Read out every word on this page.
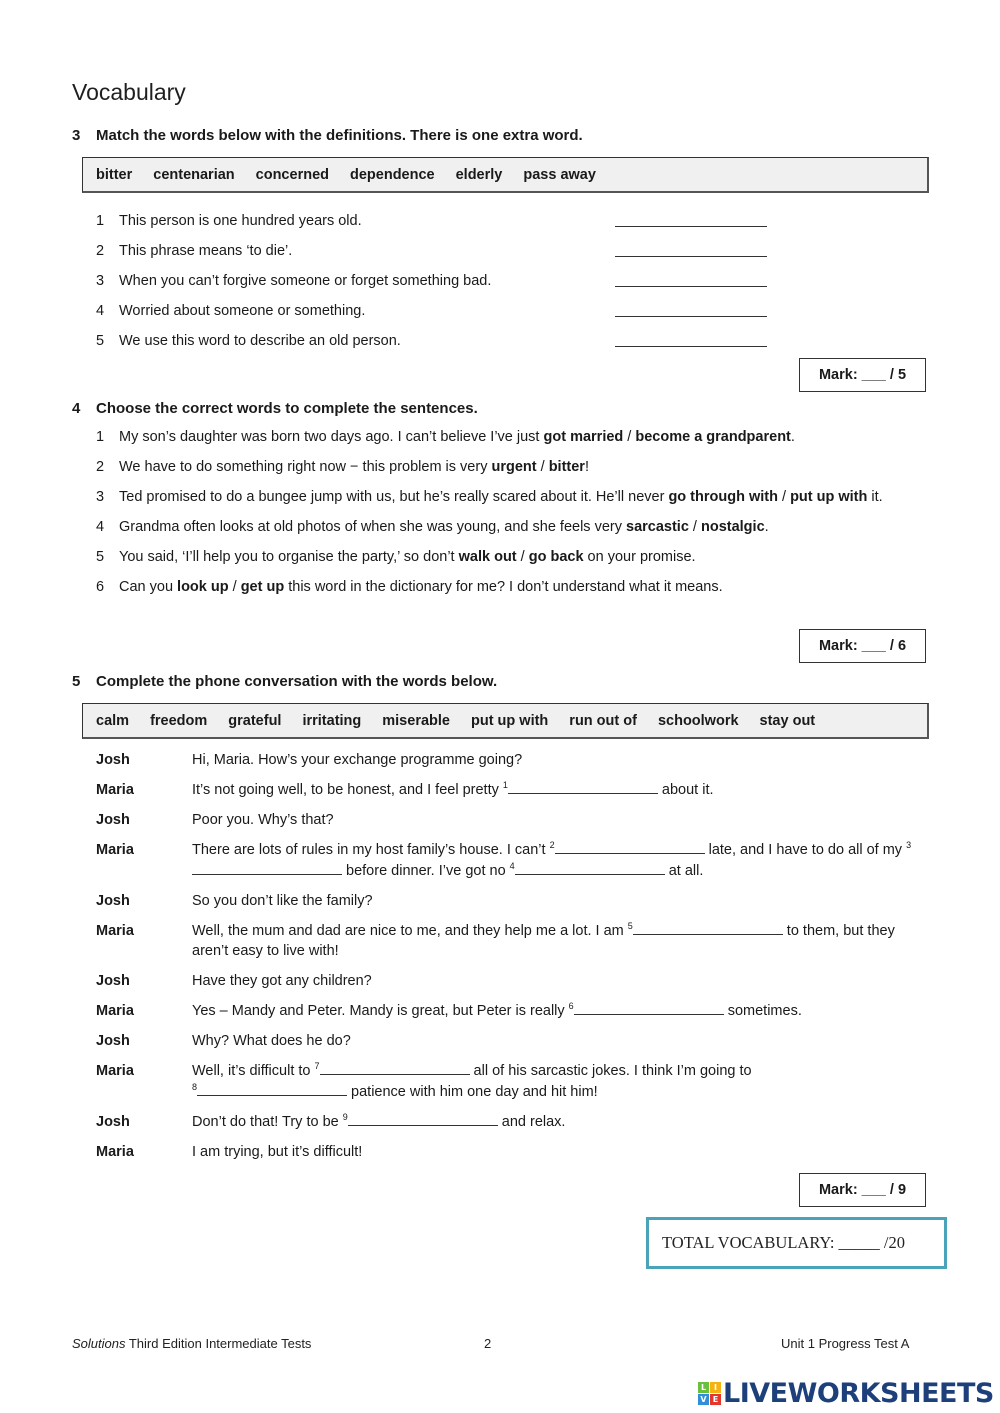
Vocabulary
3	Match the words below with the definitions. There is one extra word.
bitter centenarian concerned dependence elderly pass away
1	This person is one hundred years old.
2	This phrase means ‘to die’.
3	When you can’t forgive someone or forget something bad.
4	Worried about someone or something.
5	We use this word to describe an old person.
Mark: ___ / 5
4	Choose the correct words to complete the sentences.
1	My son’s daughter was born two days ago. I can’t believe I’ve just got married / become a grandparent.
2	We have to do something right now − this problem is very urgent / bitter!
3	Ted promised to do a bungee jump with us, but he’s really scared about it. He’ll never go through with / put up with it.
4	Grandma often looks at old photos of when she was young, and she feels very sarcastic / nostalgic.
5	You said, ‘I’ll help you to organise the party,’ so don’t walk out / go back on your promise.
6	Can you look up / get up this word in the dictionary for me? I don’t understand what it means.
Mark: ___ / 6
5	Complete the phone conversation with the words below.
calm freedom grateful irritating miserable put up with run out of schoolwork stay out
Josh	Hi, Maria. How’s your exchange programme going?
Maria	It’s not going well, to be honest, and I feel pretty $^1$	about it.
Josh	Poor you. Why’s that?
Maria	There are lots of rules in my host family’s house. I can’t $^2$	late, and I have to do all of my $^3$ before dinner. I’ve got no $^4$	at all.
Josh	So you don’t like the family?
Maria	Well, the mum and dad are nice to me, and they help me a lot. I am $^5$	to them, but they aren’t easy to live with!
Josh	Have they got any children?
Maria	Yes – Mandy and Peter. Mandy is great, but Peter is really $^6$	sometimes.
Josh	Why? What does he do?
Maria	Well, it’s difficult to $^7$	all of his sarcastic jokes. I think I’m going to
$^8$	patience with him one day and hit him!
Josh	Don’t do that! Try to be $^9$	and relax.
Maria	I am trying, but it’s difficult!
Mark: ___ / 9
TOTAL VOCABULARY: _____ /20
Solutions Third Edition Intermediate Tests	2	Unit 1 Progress Test A
L I
V E LIVEWORKSHEETS
